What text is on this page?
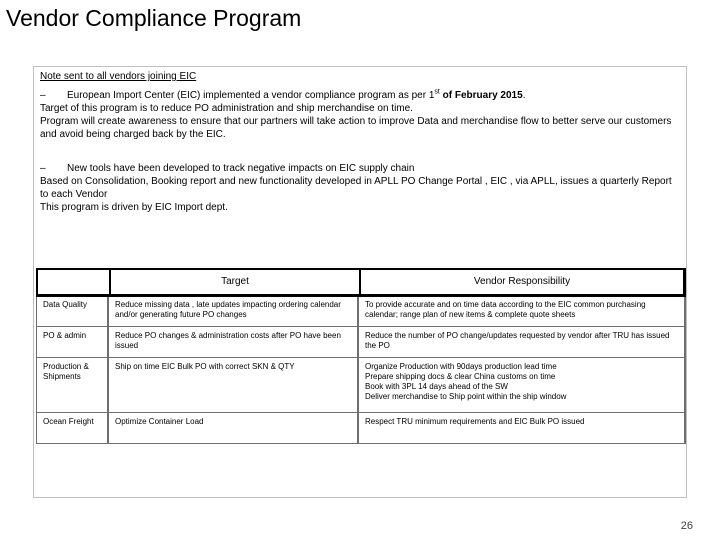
Vendor Compliance Program

Note sent to all vendors joining EIC

– European Import Center (EIC) implemented a vendor compliance program as per 1st of February 2015.

Target of this program is to reduce PO administration and ship merchandise on time.

Program will create awareness to ensure that our partners will take action to improve Data and merchandise flow to better serve our customers and avoid being charged back by the EIC.

– New tools have been developed to track negative impacts on EIC supply chain

Based on Consolidation, Booking report and new functionality developed in APLL PO Change Portal , EIC , via APLL, issues a quarterly Report to each Vendor

This program is driven by EIC Import dept.

	Target	Vendor Responsibility
Data Quality	Reduce missing data , late updates impacting ordering calendar and/or generating future PO changes	To provide accurate and on time data according to the EIC common purchasing calendar; range plan of new items & complete quote sheets

PO & admin	Reduce PO changes & administration costs after PO have been issued	Reduce the number of PO change/updates requested by vendor after TRU has issued the PO

Production & Shipments	Ship on time EIC Bulk PO with correct SKN & QTY	Organize Production with 90days production lead time
Prepare shipping docs & clear China customs on time
Book with 3PL 14 days ahead of the SW
Deliver merchandise to Ship point within the ship window

Ocean Freight	Optimize Container Load	Respect TRU minimum requirements and EIC Bulk PO issued
26
